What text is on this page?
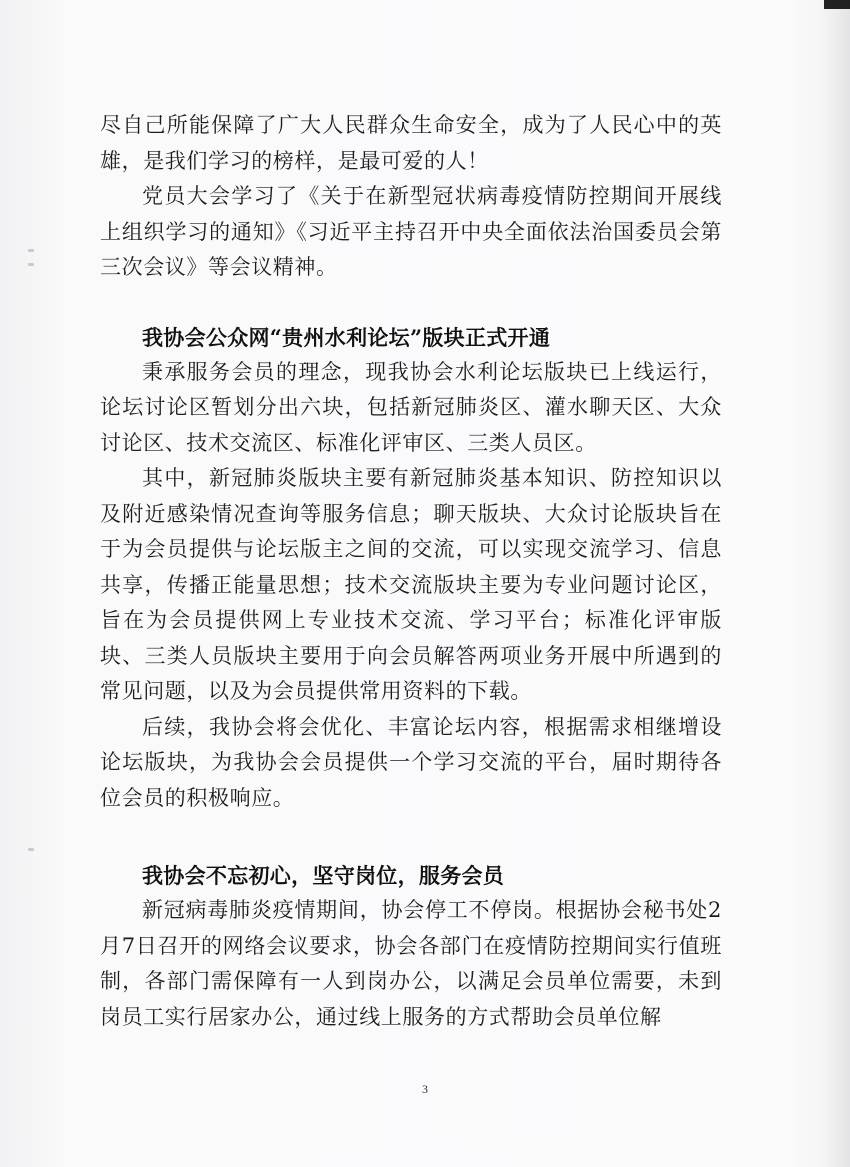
尽自己所能保障了广大人民群众生命安全，成为了人民心中的英雄，是我们学习的榜样，是最可爱的人！

党员大会学习了《关于在新型冠状病毒疫情防控期间开展线上组织学习的通知》《习近平主持召开中央全面依法治国委员会第三次会议》等会议精神。

我协会公众网“贵州水利论坛”版块正式开通

秉承服务会员的理念，现我协会水利论坛版块已上线运行，论坛讨论区暂划分出六块，包括新冠肺炎区、灌水聊天区、大众讨论区、技术交流区、标准化评审区、三类人员区。

其中，新冠肺炎版块主要有新冠肺炎基本知识、防控知识以及附近感染情况查询等服务信息；聊天版块、大众讨论版块旨在于为会员提供与论坛版主之间的交流，可以实现交流学习、信息共享，传播正能量思想；技术交流版块主要为专业问题讨论区，旨在为会员提供网上专业技术交流、学习平台；标准化评审版块、三类人员版块主要用于向会员解答两项业务开展中所遇到的常见问题，以及为会员提供常用资料的下载。

后续，我协会将会优化、丰富论坛内容，根据需求相继增设论坛版块，为我协会会员提供一个学习交流的平台，届时期待各位会员的积极响应。

我协会不忘初心，坚守岗位，服务会员

新冠病毒肺炎疫情期间，协会停工不停岗。根据协会秘书处2月7日召开的网络会议要求，协会各部门在疫情防控期间实行值班制，各部门需保障有一人到岗办公，以满足会员单位需要，未到岗员工实行居家办公，通过线上服务的方式帮助会员单位解

3
